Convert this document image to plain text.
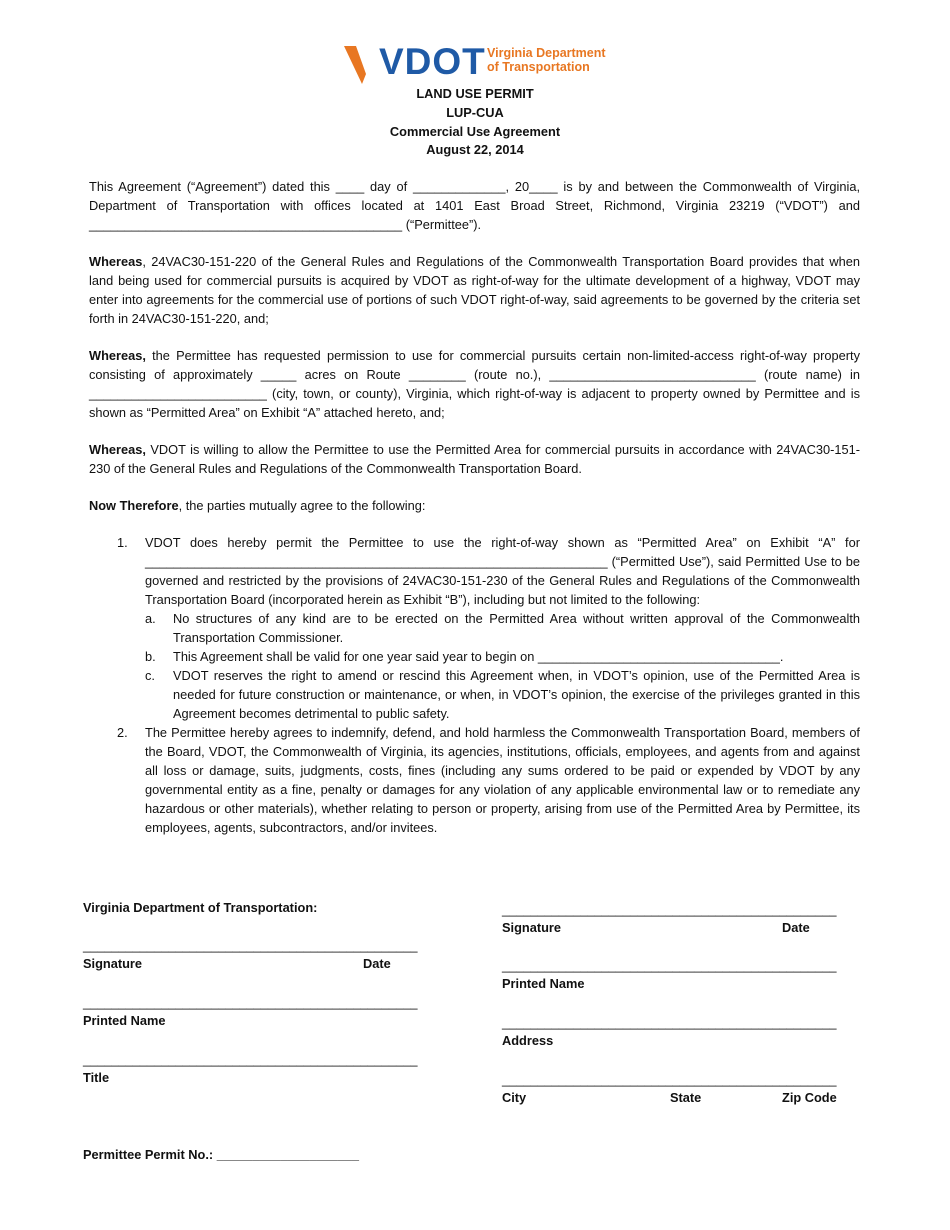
VDOT Virginia Department
of Transportation
LAND USE PERMIT
LUP-CUA
Commercial Use Agreement
August 22, 2014

This Agreement (“Agreement”) dated this ____ day of _____________, 20____ is by and between the Commonwealth of Virginia, Department of Transportation with offices located at 1401 East Broad Street, Richmond, Virginia 23219 (“VDOT”) and ____________________________________________ (“Permittee”).

Whereas, 24VAC30-151-220 of the General Rules and Regulations of the Commonwealth Transportation Board provides that when land being used for commercial pursuits is acquired by VDOT as right-of-way for the ultimate development of a highway, VDOT may enter into agreements for the commercial use of portions of such VDOT right-of-way, said agreements to be governed by the criteria set forth in 24VAC30-151-220, and;

Whereas, the Permittee has requested permission to use for commercial pursuits certain non-limited-access right-of-way property consisting of approximately _____ acres on Route ________ (route no.), _____________________________ (route name) in _________________________ (city, town, or county), Virginia, which right-of-way is adjacent to property owned by Permittee and is shown as “Permitted Area” on Exhibit “A” attached hereto, and;

Whereas, VDOT is willing to allow the Permittee to use the Permitted Area for commercial pursuits in accordance with 24VAC30-151-230 of the General Rules and Regulations of the Commonwealth Transportation Board.

Now Therefore, the parties mutually agree to the following:

1. VDOT does hereby permit the Permittee to use the right-of-way shown as “Permitted Area” on Exhibit “A” for _________________________________________________________________ (“Permitted Use”), said Permitted Use to be governed and restricted by the provisions of 24VAC30-151-230 of the General Rules and Regulations of the Commonwealth Transportation Board (incorporated herein as Exhibit “B”), including but not limited to the following:
a. No structures of any kind are to be erected on the Permitted Area without written approval of the Commonwealth Transportation Commissioner.
b. This Agreement shall be valid for one year said year to begin on __________________________________.
c. VDOT reserves the right to amend or rescind this Agreement when, in VDOT’s opinion, use of the Permitted Area is needed for future construction or maintenance, or when, in VDOT’s opinion, the exercise of the privileges granted in this Agreement becomes detrimental to public safety.
2. The Permittee hereby agrees to indemnify, defend, and hold harmless the Commonwealth Transportation Board, members of the Board, VDOT, the Commonwealth of Virginia, its agencies, institutions, officials, employees, and agents from and against all loss or damage, suits, judgments, costs, fines (including any sums ordered to be paid or expended by VDOT by any governmental entity as a fine, penalty or damages for any violation of any applicable environmental law or to remediate any hazardous or other materials), whether relating to person or property, arising from use of the Permitted Area by Permittee, its employees, agents, subcontractors, and/or invitees.
Virginia Department of Transportation:
_______________________________________________
Signature	Date
_______________________________________________
Printed Name
_______________________________________________
Title
_______________________________________________
Signature	Date
_______________________________________________
Printed Name
_______________________________________________
Address
_______________________________________________
City	State	Zip Code
Permittee Permit No.: ____________________
